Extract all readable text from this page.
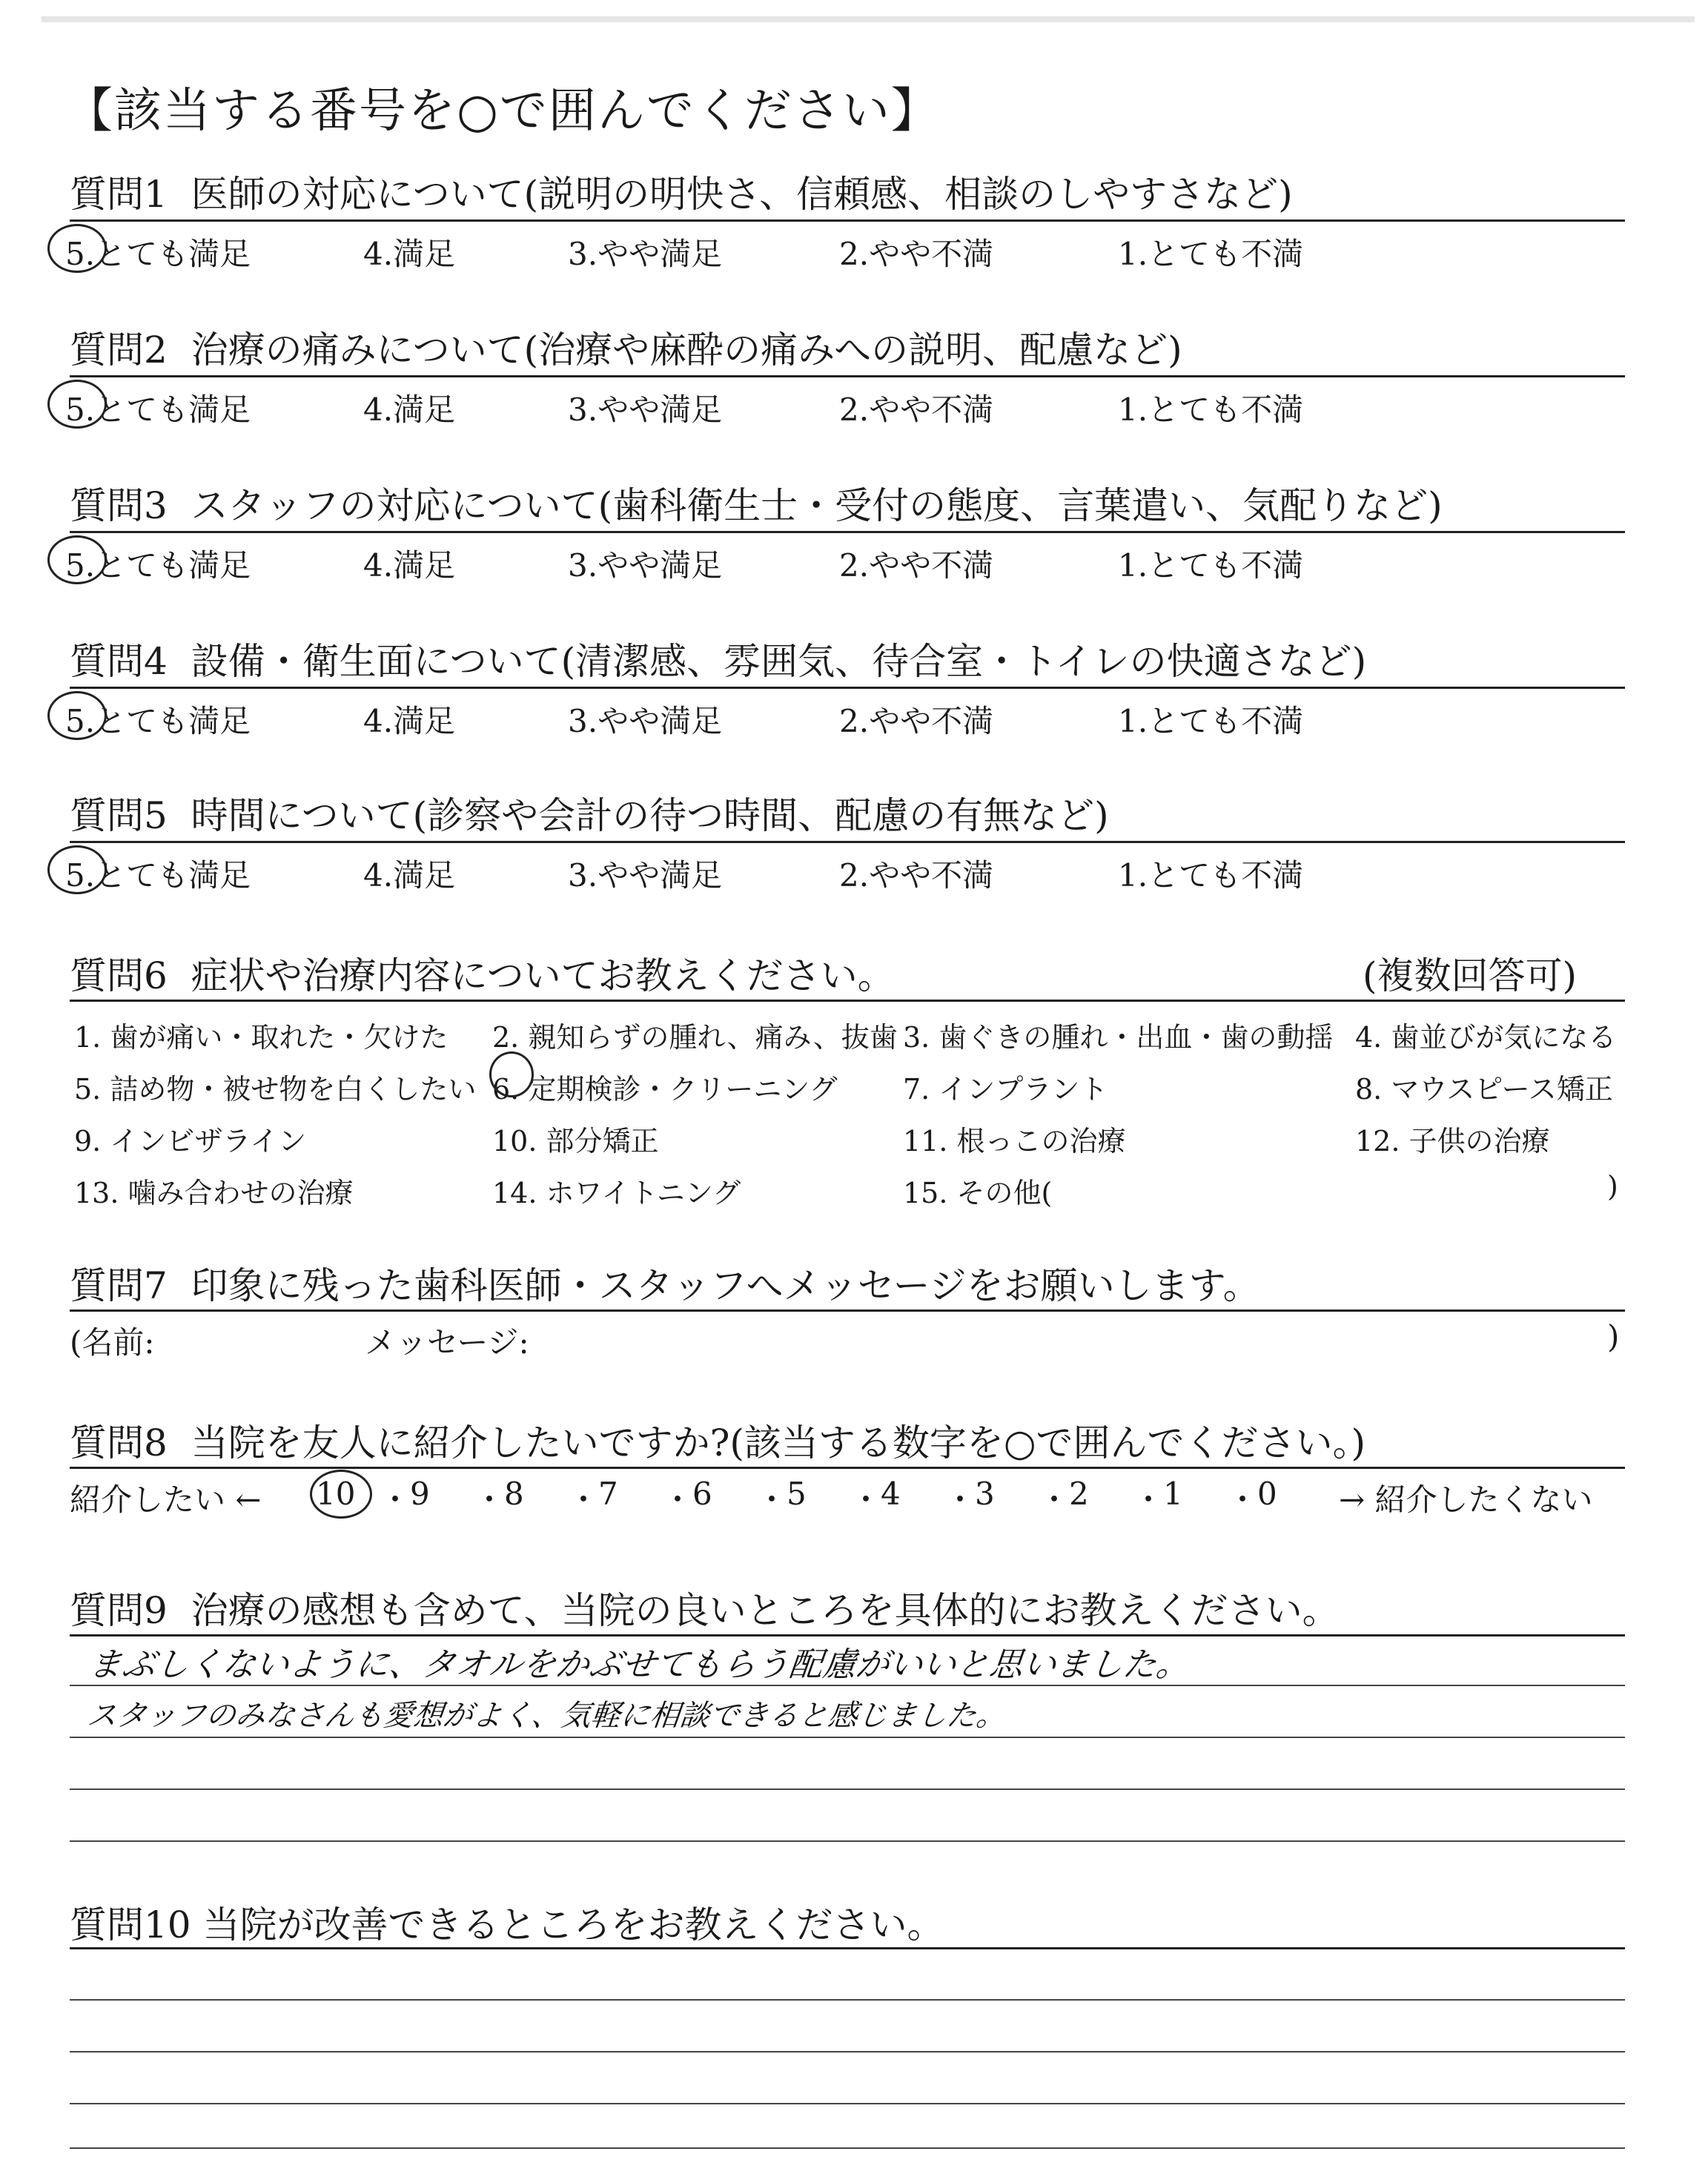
【該当する番号を○で囲んでください】
質問1 医師の対応について(説明の明快さ、信頼感、相談のしやすさなど)
5.とても満足	4.満足	3.やや満足	2.やや不満	1.とても不満
質問2 治療の痛みについて(治療や麻酔の痛みへの説明、配慮など)
5.とても満足	4.満足	3.やや満足	2.やや不満	1.とても不満
質問3 スタッフの対応について(歯科衛生士・受付の態度、言葉遣い、気配りなど)
5.とても満足	4.満足	3.やや満足	2.やや不満	1.とても不満
質問4 設備・衛生面について(清潔感、雰囲気、待合室・トイレの快適さなど)
5.とても満足	4.満足	3.やや満足	2.やや不満	1.とても不満
質問5 時間について(診察や会計の待つ時間、配慮の有無など)
5.とても満足	4.満足	3.やや満足	2.やや不満	1.とても不満
質問6 症状や治療内容についてお教えください。	(複数回答可)
1. 歯が痛い・取れた・欠けた 2. 親知らずの腫れ、痛み、抜歯 3. 歯ぐきの腫れ・出血・歯の動揺 4. 歯並びが気になる
5. 詰め物・被せ物を白くしたい 6. 定期検診・クリーニング 7. インプラント	8. マウスピース矯正
9. インビザライン	10. 部分矯正	11. 根っこの治療	12. 子供の治療
13. 噛み合わせの治療	14. ホワイトニング	15. その他(	)
質問7 印象に残った歯科医師・スタッフへメッセージをお願いします。
(名前:	メッセージ:	)
質問8 当院を友人に紹介したいですか?(該当する数字を○で囲んでください。)
紹介したい ← 10 ・
9 ・
8 ・
7 ・
6 ・
5 ・
4 ・
3 ・
2 ・
1 ・
0 → 紹介したくない
質問9 治療の感想も含めて、当院の良いところを具体的にお教えください。
まぶしくないように、タオルをかぶせてもらう配慮がいいと思いました。
スタッフのみなさんも愛想がよく、気軽に相談できると感じました。
質問10 当院が改善できるところをお教えください。
